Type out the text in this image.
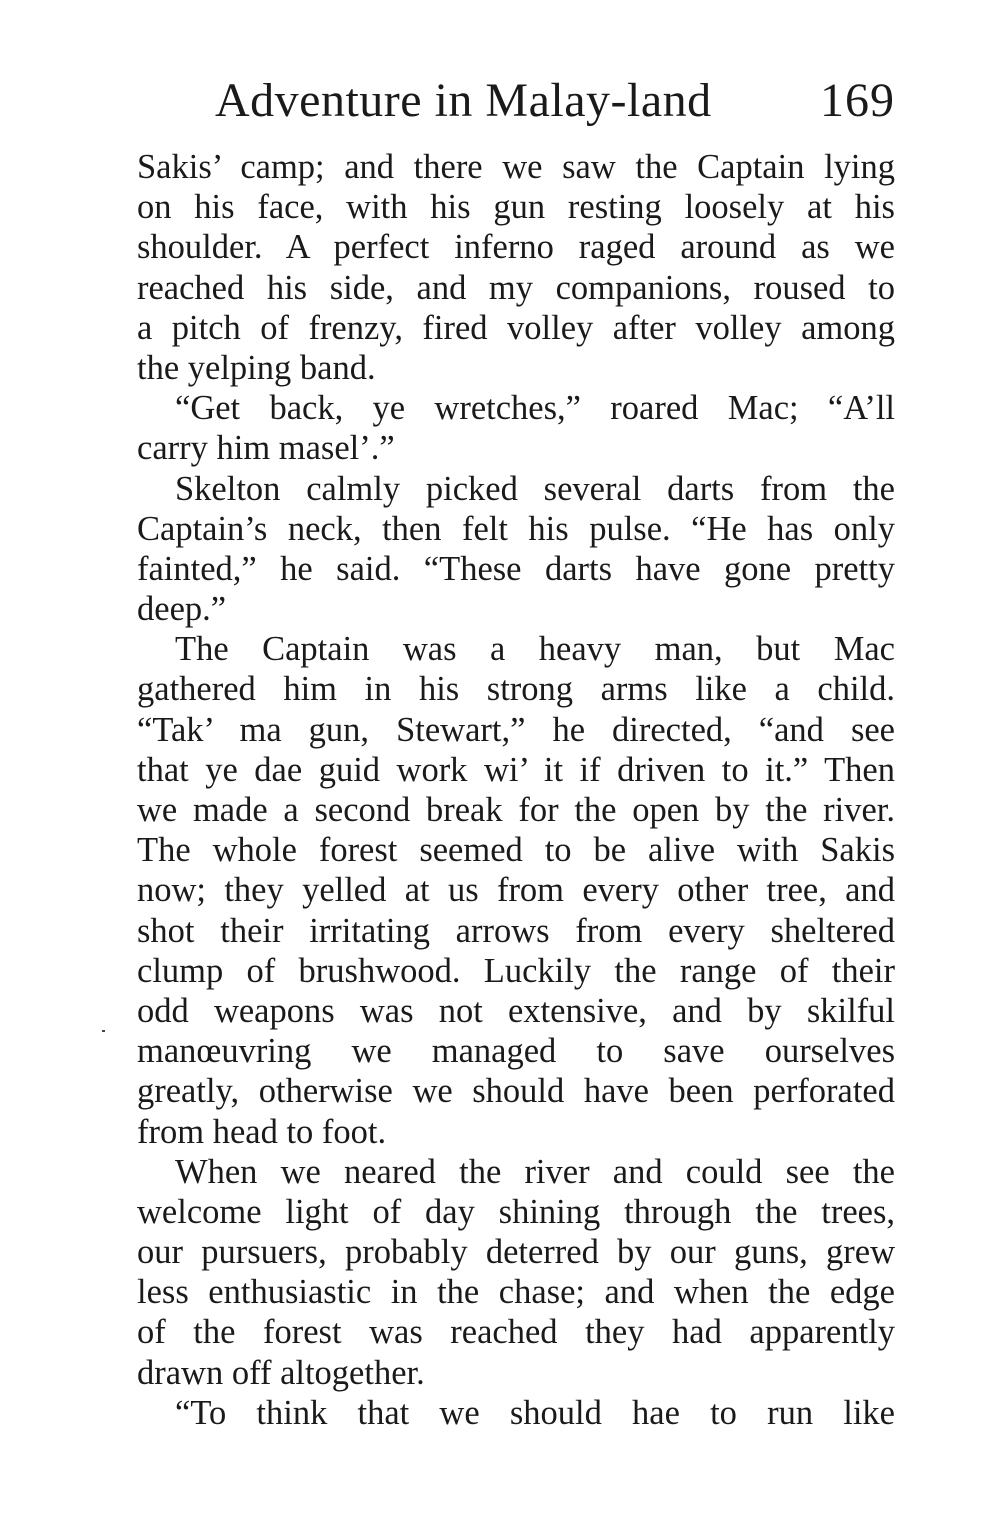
Adventure in Malay-land 169
Sakis’ camp; and there we saw the Captain lying
on his face, with his gun resting loosely at his
shoulder. A perfect inferno raged around as we
reached his side, and my companions, roused to
a pitch of frenzy, fired volley after volley among
the yelping band.
“Get back, ye wretches,” roared Mac; “A’ll
carry him masel’.”
Skelton calmly picked several darts from the
Captain’s neck, then felt his pulse. “He has only
fainted,” he said. “These darts have gone pretty
deep.”
The Captain was a heavy man, but Mac
gathered him in his strong arms like a child.
“Tak’ ma gun, Stewart,” he directed, “and see
that ye dae guid work wi’ it if driven to it.” Then
we made a second break for the open by the river.
The whole forest seemed to be alive with Sakis
now; they yelled at us from every other tree, and
shot their irritating arrows from every sheltered
clump of brushwood. Luckily the range of their
odd weapons was not extensive, and by skilful
manœuvring we managed to save ourselves
greatly, otherwise we should have been perforated
from head to foot.
When we neared the river and could see the
welcome light of day shining through the trees,
our pursuers, probably deterred by our guns, grew
less enthusiastic in the chase; and when the edge
of the forest was reached they had apparently
drawn off altogether.
“To think that we should hae to run like
